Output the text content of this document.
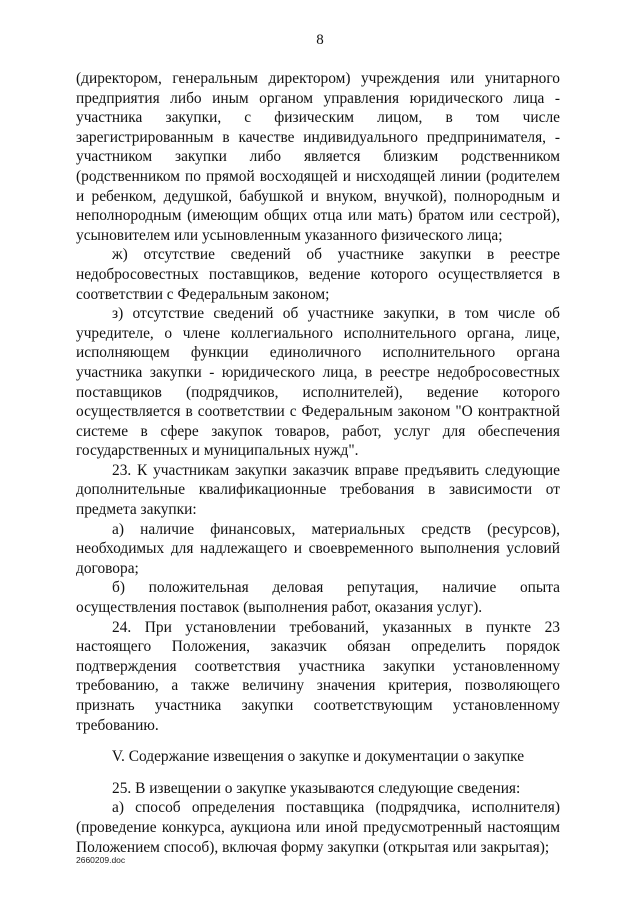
8

(директором, генеральным директором) учреждения или унитарного предприятия либо иным органом управления юридического лица - участника закупки, с физическим лицом, в том числе зарегистрированным в качестве индивидуального предпринимателя, - участником закупки либо является близким родственником (родственником по прямой восходящей и нисходящей линии (родителем и ребенком, дедушкой, бабушкой и внуком, внучкой), полнородным и неполнородным (имеющим общих отца или мать) братом или сестрой), усыновителем или усыновленным указанного физического лица;

ж) отсутствие сведений об участнике закупки в реестре недобросовестных поставщиков, ведение которого осуществляется в соответствии с Федеральным законом;

з) отсутствие сведений об участнике закупки, в том числе об учредителе, о члене коллегиального исполнительного органа, лице, исполняющем функции единоличного исполнительного органа участника закупки - юридического лица, в реестре недобросовестных поставщиков (подрядчиков, исполнителей), ведение которого осуществляется в соответствии с Федеральным законом "О контрактной системе в сфере закупок товаров, работ, услуг для обеспечения государственных и муниципальных нужд".

23. К участникам закупки заказчик вправе предъявить следующие дополнительные квалификационные требования в зависимости от предмета закупки:

а) наличие финансовых, материальных средств (ресурсов), необходимых для надлежащего и своевременного выполнения условий договора;

б) положительная деловая репутация, наличие опыта осуществления поставок (выполнения работ, оказания услуг).

24. При установлении требований, указанных в пункте 23 настоящего Положения, заказчик обязан определить порядок подтверждения соответствия участника закупки установленному требованию, а также величину значения критерия, позволяющего признать участника закупки соответствующим установленному требованию.

V. Содержание извещения о закупке и документации о закупке

25. В извещении о закупке указываются следующие сведения:

а) способ определения поставщика (подрядчика, исполнителя) (проведение конкурса, аукциона или иной предусмотренный настоящим Положением способ), включая форму закупки (открытая или закрытая);

2660209.doc
